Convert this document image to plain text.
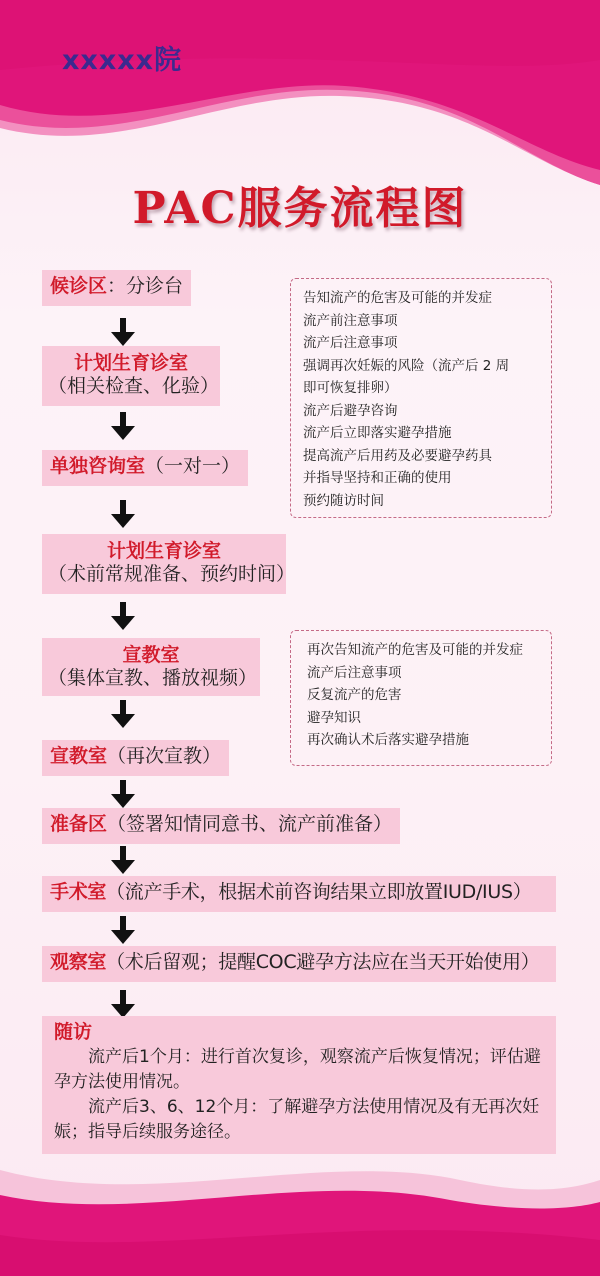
xxxxx院
PAC服务流程图
候诊区：分诊台
计划生育诊室
（相关检查、化验）
单独咨询室（一对一）
计划生育诊室
（术前常规准备、预约时间）
宣教室
（集体宣教、播放视频）
宣教室（再次宣教）
准备区（签署知情同意书、流产前准备）
手术室（流产手术，根据术前咨询结果立即放置IUD/IUS）
观察室（术后留观；提醒COC避孕方法应在当天开始使用）
告知流产的危害及可能的并发症
流产前注意事项
流产后注意事项
强调再次妊娠的风险（流产后 2 周
即可恢复排卵）
流产后避孕咨询
流产后立即落实避孕措施
提高流产后用药及必要避孕药具
并指导坚持和正确的使用
预约随访时间
再次告知流产的危害及可能的并发症
流产后注意事项
反复流产的危害
避孕知识
再次确认术后落实避孕措施
随访

流产后1个月：进行首次复诊，观察流产后恢复情况；评估避孕方法使用情况。

流产后3、6、12个月：了解避孕方法使用情况及有无再次妊娠；指导后续服务途径。
